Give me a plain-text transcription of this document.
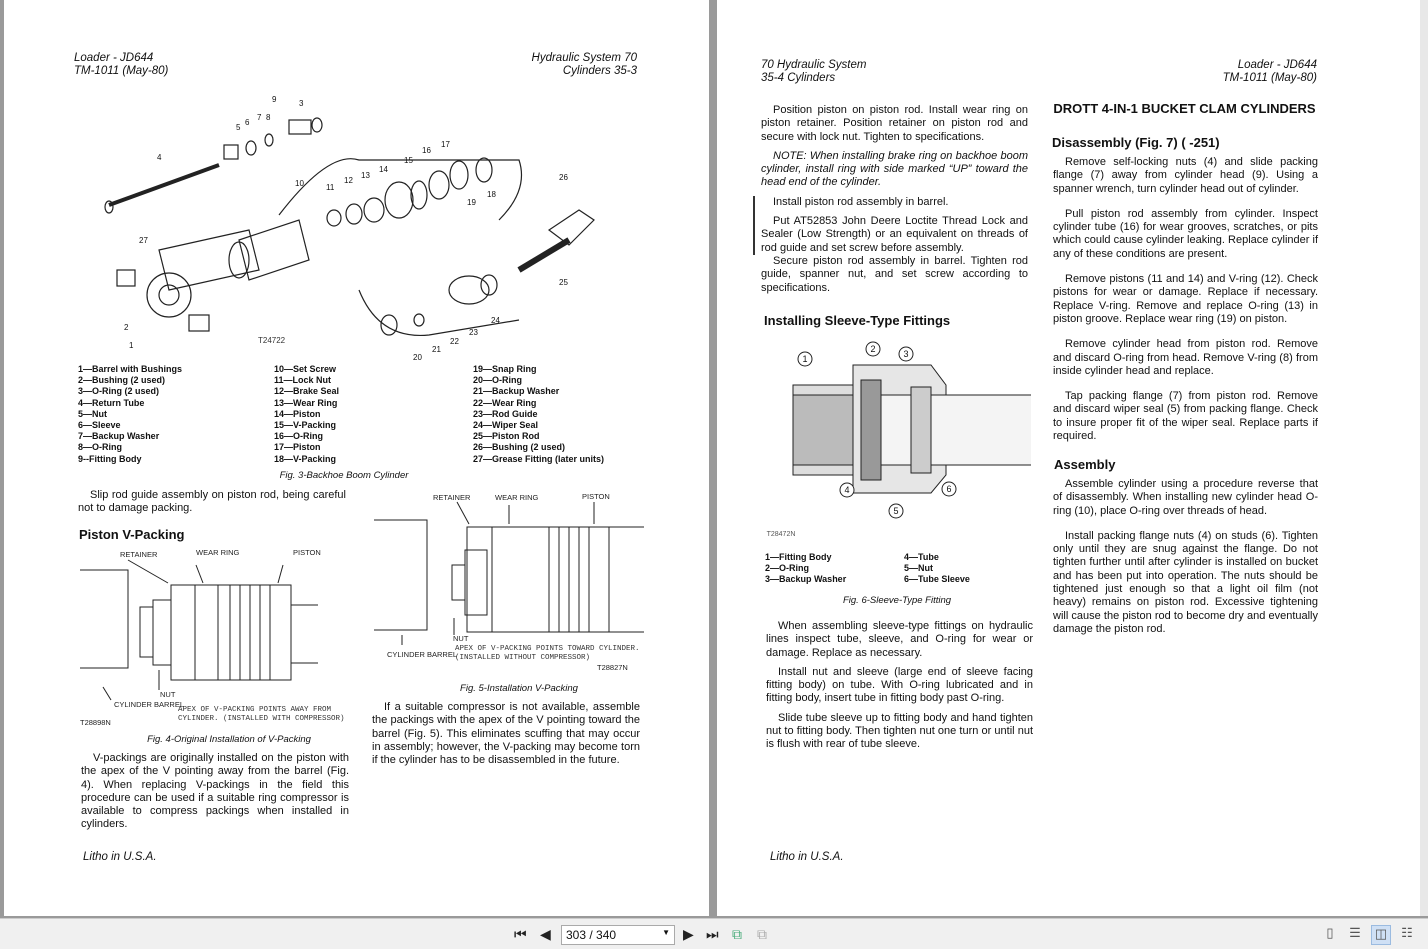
Loader - JD644
TM-1011 (May-80)
Hydraulic System 70
Cylinders 35-3
T24722
1
2
3
4
5
6
7 8
9
10	11
12
13
14
15
16
17
18
19
20
21
22
23
24
25
26
27
1—Barrel with Bushings
2—Bushing (2 used)
3—O-Ring (2 used)
4—Return Tube
5—Nut
6—Sleeve
7—Backup Washer
8—O-Ring
9--Fitting Body
10—Set Screw
11—Lock Nut
12—Brake Seal
13—Wear Ring
14—Piston
15—V-Packing
16—O-Ring
17—Piston
18—V-Packing
19—Snap Ring
20—O-Ring
21—Backup Washer
22—Wear Ring
23—Rod Guide
24—Wiper Seal
25—Piston Rod
26—Bushing (2 used)
27—Grease Fitting (later units)
Fig. 3-Backhoe Boom Cylinder
Slip rod guide assembly on piston rod, being careful not to damage packing.
Piston V-Packing
RETAINER	WEAR RING	PISTON
NUT
CYLINDER BARREL
T28898N
APEX OF V-PACKING POINTS AWAY FROM CYLINDER. (INSTALLED WITH COMPRESSOR)
Fig. 4-Original Installation of V-Packing
V-packings are originally installed on the piston with the apex of the V pointing away from the barrel (Fig. 4). When replacing V-packings in the field this procedure can be used if a suitable ring compressor is available to compress packings when installed in cylinders.
RETAINER	WEAR RING	PISTON
NUT
CYLINDER BARREL
T28827N
APEX OF V-PACKING POINTS TOWARD CYLINDER. (INSTALLED WITHOUT COMPRESSOR)
Fig. 5-Installation V-Packing
If a suitable compressor is not available, assemble the packings with the apex of the V pointing toward the barrel (Fig. 5). This eliminates scuffing that may occur in assembly; however, the V-packing may become torn if the cylinder has to be disassembled in the future.
Litho in U.S.A.
70 Hydraulic System
35-4 Cylinders
Loader - JD644
TM-1011 (May-80)
Position piston on piston rod. Install wear ring on piston retainer. Position retainer on piston rod and secure with lock nut. Tighten to specifications.
NOTE: When installing brake ring on backhoe boom cylinder, install ring with side marked “UP” toward the head end of the cylinder.
Install piston rod assembly in barrel.
Put AT52853 John Deere Loctite Thread Lock and Sealer (Low Strength) or an equivalent on threads of rod guide and set screw before assembly.
Secure piston rod assembly in barrel. Tighten rod guide, spanner nut, and set screw according to specifications.
Installing Sleeve-Type Fittings
1
2	3
4
5
6
T28472N
1—Fitting Body
2—O-Ring
3—Backup Washer
4—Tube
5—Nut
6—Tube Sleeve
Fig. 6-Sleeve-Type Fitting
When assembling sleeve-type fittings on hydraulic lines inspect tube, sleeve, and O-ring for wear or damage. Replace as necessary.
Install nut and sleeve (large end of sleeve facing fitting body) on tube. With O-ring lubricated and in fitting body, insert tube in fitting body past O-ring.
Slide tube sleeve up to fitting body and hand tighten nut to fitting body. Then tighten nut one turn or until nut is flush with rear of tube sleeve.
DROTT 4-IN-1 BUCKET CLAM CYLINDERS
Disassembly (Fig. 7) ( -251)
Remove self-locking nuts (4) and slide packing flange (7) away from cylinder head (9). Using a spanner wrench, turn cylinder head out of cylinder.
Pull piston rod assembly from cylinder. Inspect cylinder tube (16) for wear grooves, scratches, or pits which could cause cylinder leaking. Replace cylinder if any of these conditions are present.
Remove pistons (11 and 14) and V-ring (12). Check pistons for wear or damage. Replace if necessary. Replace V-ring. Remove and replace O-ring (13) in piston groove. Replace wear ring (19) on piston.
Remove cylinder head from piston rod. Remove and discard O-ring from head. Remove V-ring (8) from inside cylinder head and replace.
Tap packing flange (7) from piston rod. Remove and discard wiper seal (5) from packing flange. Check to insure proper fit of the wiper seal. Replace parts if required.
Assembly
Assemble cylinder using a procedure reverse that of disassembly. When installing new cylinder head O-ring (10), place O-ring over threads of head.
Install packing flange nuts (4) on studs (6). Tighten only until they are snug against the flange. Do not tighten further until after cylinder is installed on bucket and has been put into operation. The nuts should be tightened just enough so that a light oil film (not heavy) remains on piston rod. Excessive tightening will cause the piston rod to become dry and eventually damage the piston rod.
Litho in U.S.A.
⏮ ◀	303 / 340	▼ ▶ ⏭ ⧉ ⧉	▯	☰	◫	☷
